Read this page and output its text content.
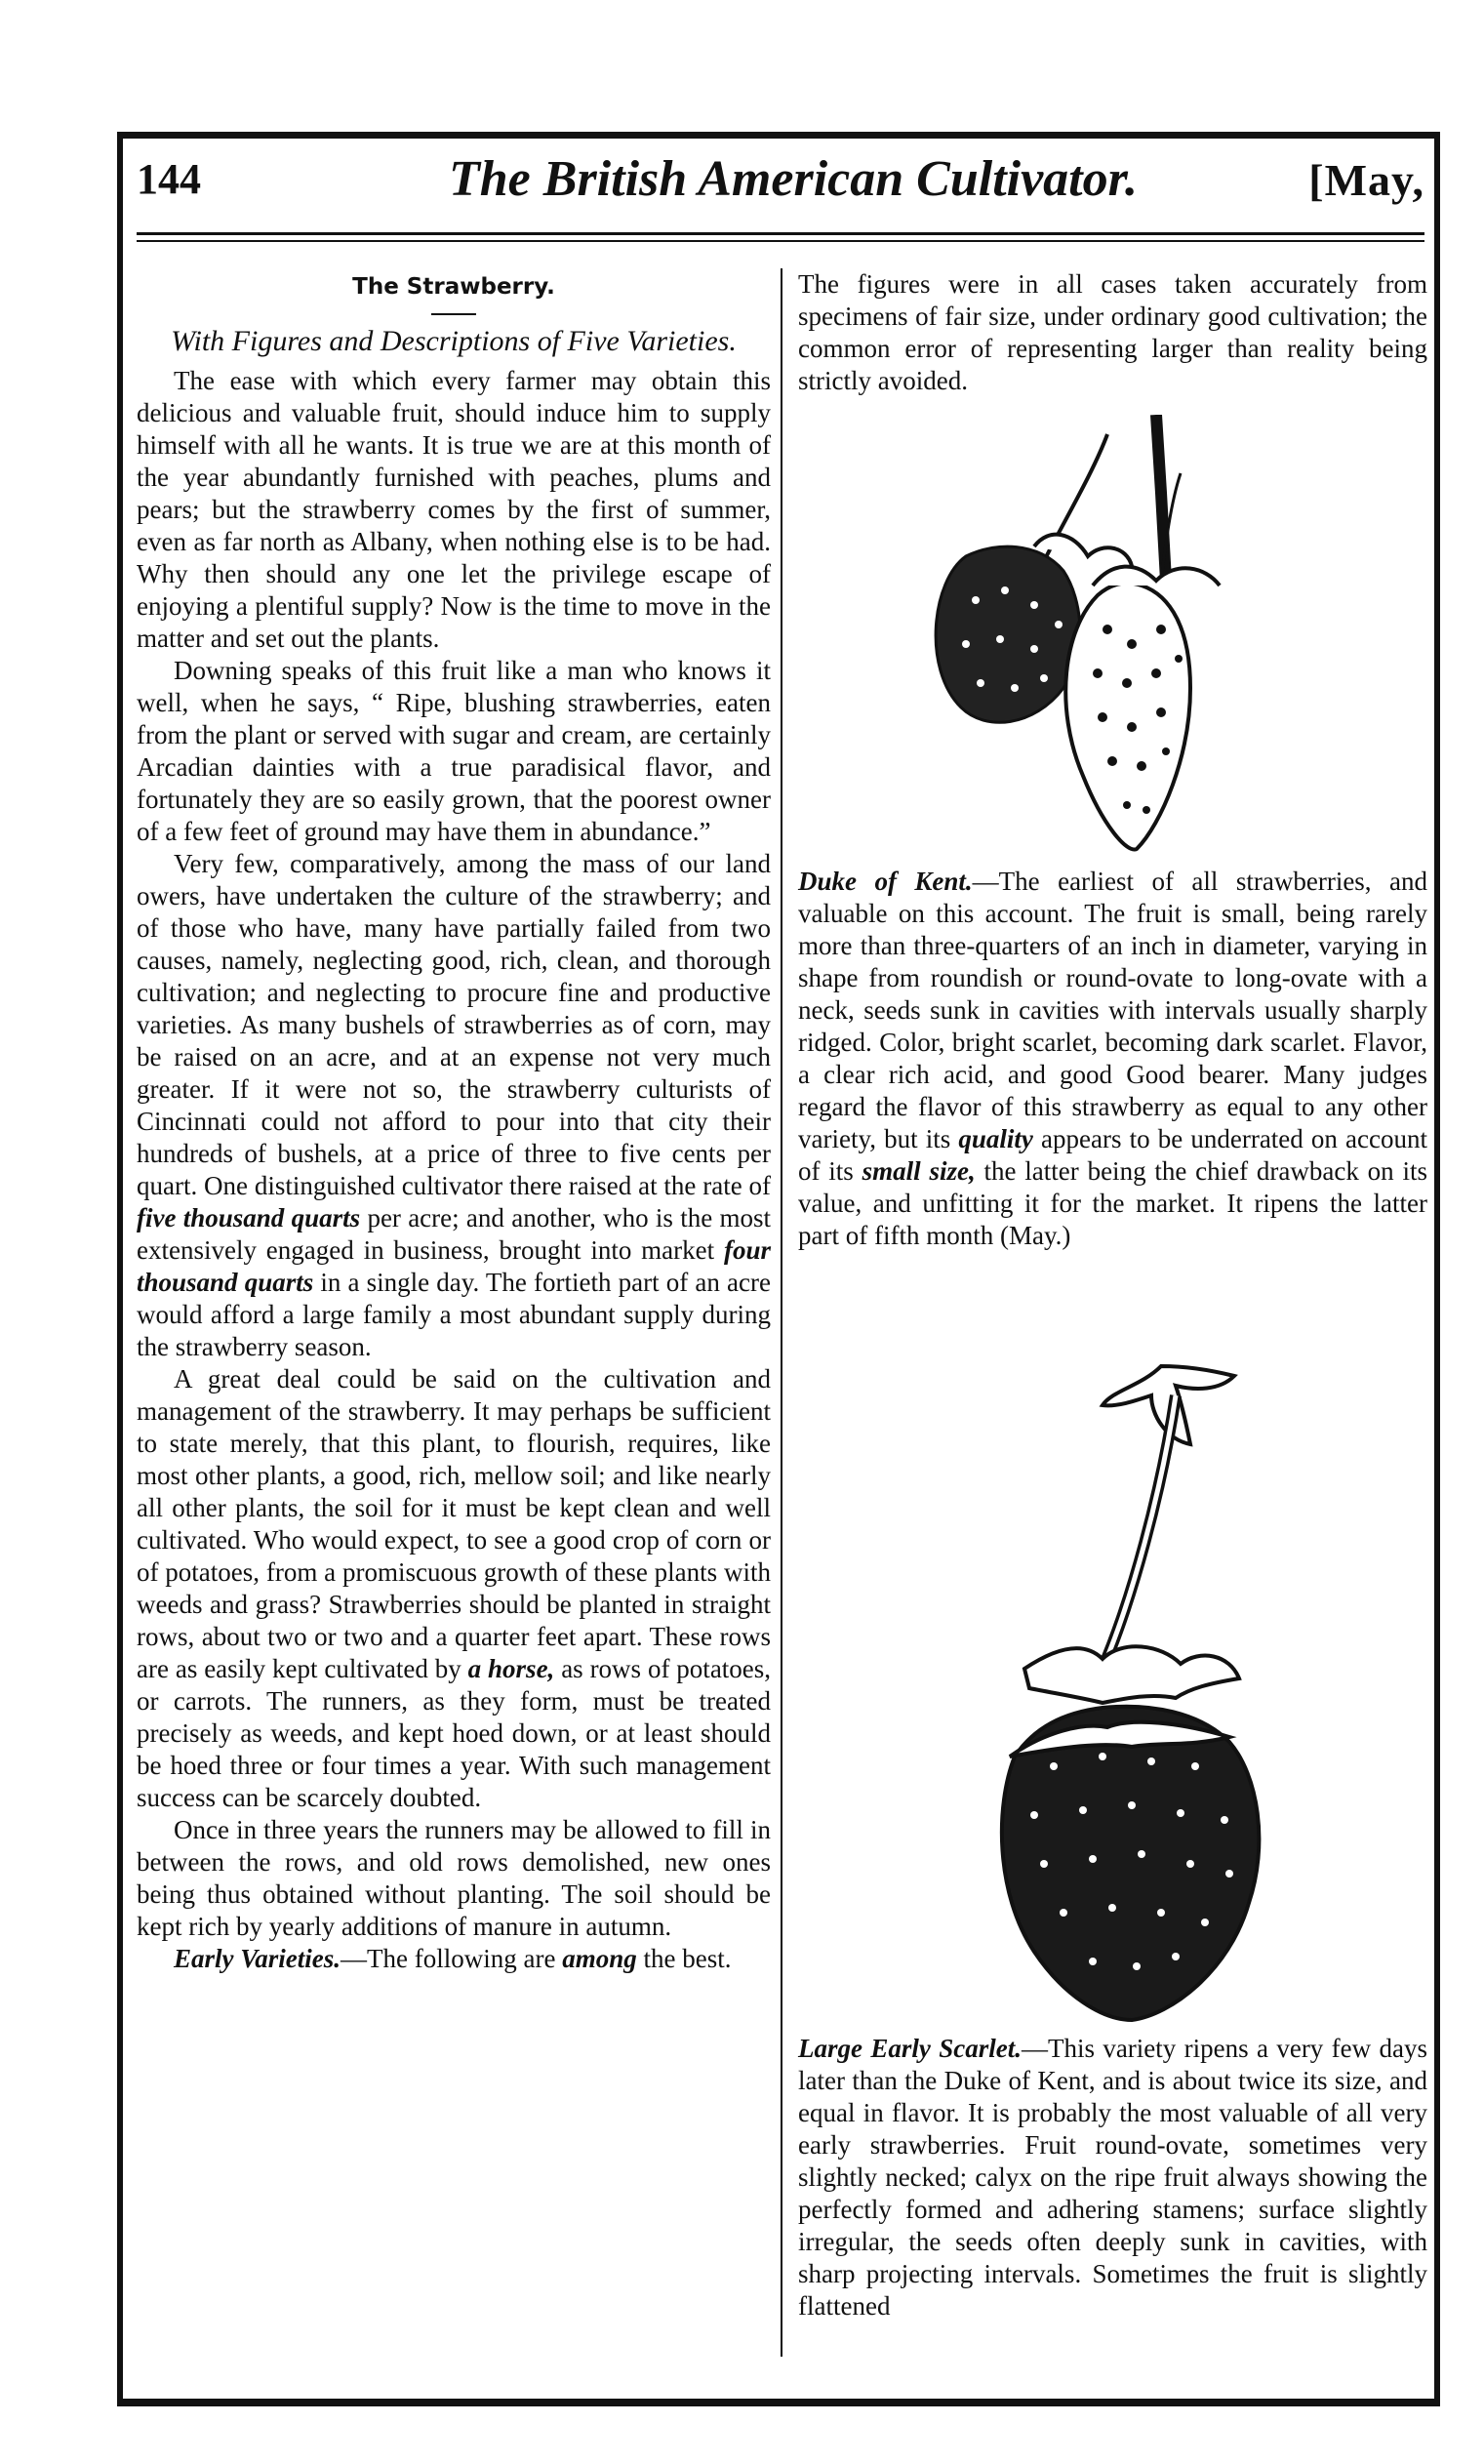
144	The British American Cultivator.	[May,
The Strawberry.
With Figures and Descriptions of Five Varieties.

The ease with which every farmer may obtain this delicious and valuable fruit, should induce him to supply himself with all he wants. It is true we are at this month of the year abundantly furnished with peaches, plums and pears; but the strawberry comes by the first of summer, even as far north as Albany, when nothing else is to be had. Why then should any one let the privilege escape of enjoying a plentiful supply? Now is the time to move in the matter and set out the plants.

Downing speaks of this fruit like a man who knows it well, when he says, “ Ripe, blushing strawberries, eaten from the plant or served with sugar and cream, are certainly Arcadian dainties with a true paradisical flavor, and fortunately they are so easily grown, that the poorest owner of a few feet of ground may have them in abundance.”

Very few, comparatively, among the mass of our land owers, have undertaken the culture of the strawberry; and of those who have, many have partially failed from two causes, namely, neglecting good, rich, clean, and thorough cultivation; and neglecting to procure fine and productive varieties. As many bushels of strawberries as of corn, may be raised on an acre, and at an expense not very much greater. If it were not so, the strawberry culturists of Cincinnati could not afford to pour into that city their hundreds of bushels, at a price of three to five cents per quart. One distinguished cultivator there raised at the rate of five thousand quarts per acre; and another, who is the most extensively engaged in business, brought into market four thousand quarts in a single day. The fortieth part of an acre would afford a large family a most abundant supply during the strawberry season.

A great deal could be said on the cultivation and management of the strawberry. It may perhaps be sufficient to state merely, that this plant, to flourish, requires, like most other plants, a good, rich, mellow soil; and like nearly all other plants, the soil for it must be kept clean and well cultivated. Who would expect, to see a good crop of corn or of potatoes, from a promiscuous growth of these plants with weeds and grass? Strawberries should be planted in straight rows, about two or two and a quarter feet apart. These rows are as easily kept cultivated by a horse, as rows of potatoes, or carrots. The runners, as they form, must be treated precisely as weeds, and kept hoed down, or at least should be hoed three or four times a year. With such management success can be scarcely doubted.

Once in three years the runners may be allowed to fill in between the rows, and old rows demolished, new ones being thus obtained without planting. The soil should be kept rich by yearly additions of manure in autumn.

Early Varieties.—The following are among the best.

The figures were in all cases taken accurately from specimens of fair size, under ordinary good cultivation; the common error of representing larger than reality being strictly avoided.

Duke of Kent.—The earliest of all strawberries, and valuable on this account. The fruit is small, being rarely more than three-quarters of an inch in diameter, varying in shape from roundish or round-ovate to long-ovate with a neck, seeds sunk in cavities with intervals usually sharply ridged. Color, bright scarlet, becoming dark scarlet. Flavor, a clear rich acid, and good Good bearer. Many judges regard the flavor of this strawberry as equal to any other variety, but its quality appears to be underrated on account of its small size, the latter being the chief drawback on its value, and unfitting it for the market. It ripens the latter part of fifth month (May.)

Large Early Scarlet.—This variety ripens a very few days later than the Duke of Kent, and is about twice its size, and equal in flavor. It is probably the most valuable of all very early strawberries. Fruit round-ovate, sometimes very slightly necked; calyx on the ripe fruit always showing the perfectly formed and adhering stamens; surface slightly irregular, the seeds often deeply sunk in cavities, with sharp projecting intervals. Sometimes the fruit is slightly flattened
